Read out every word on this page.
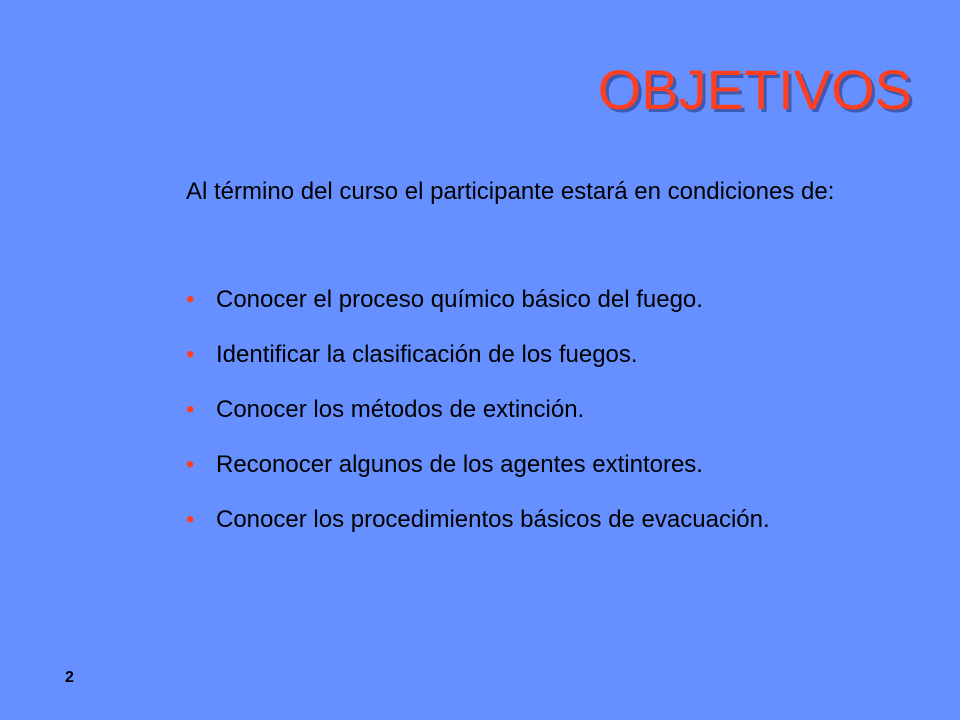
OBJETIVOS

Al término del curso el participante estará en condiciones de:

• Conocer el proceso químico básico del fuego.
• Identificar la clasificación de los fuegos.
• Conocer los métodos de extinción.
• Reconocer algunos de los agentes extintores.
• Conocer los procedimientos básicos de evacuación.
2
